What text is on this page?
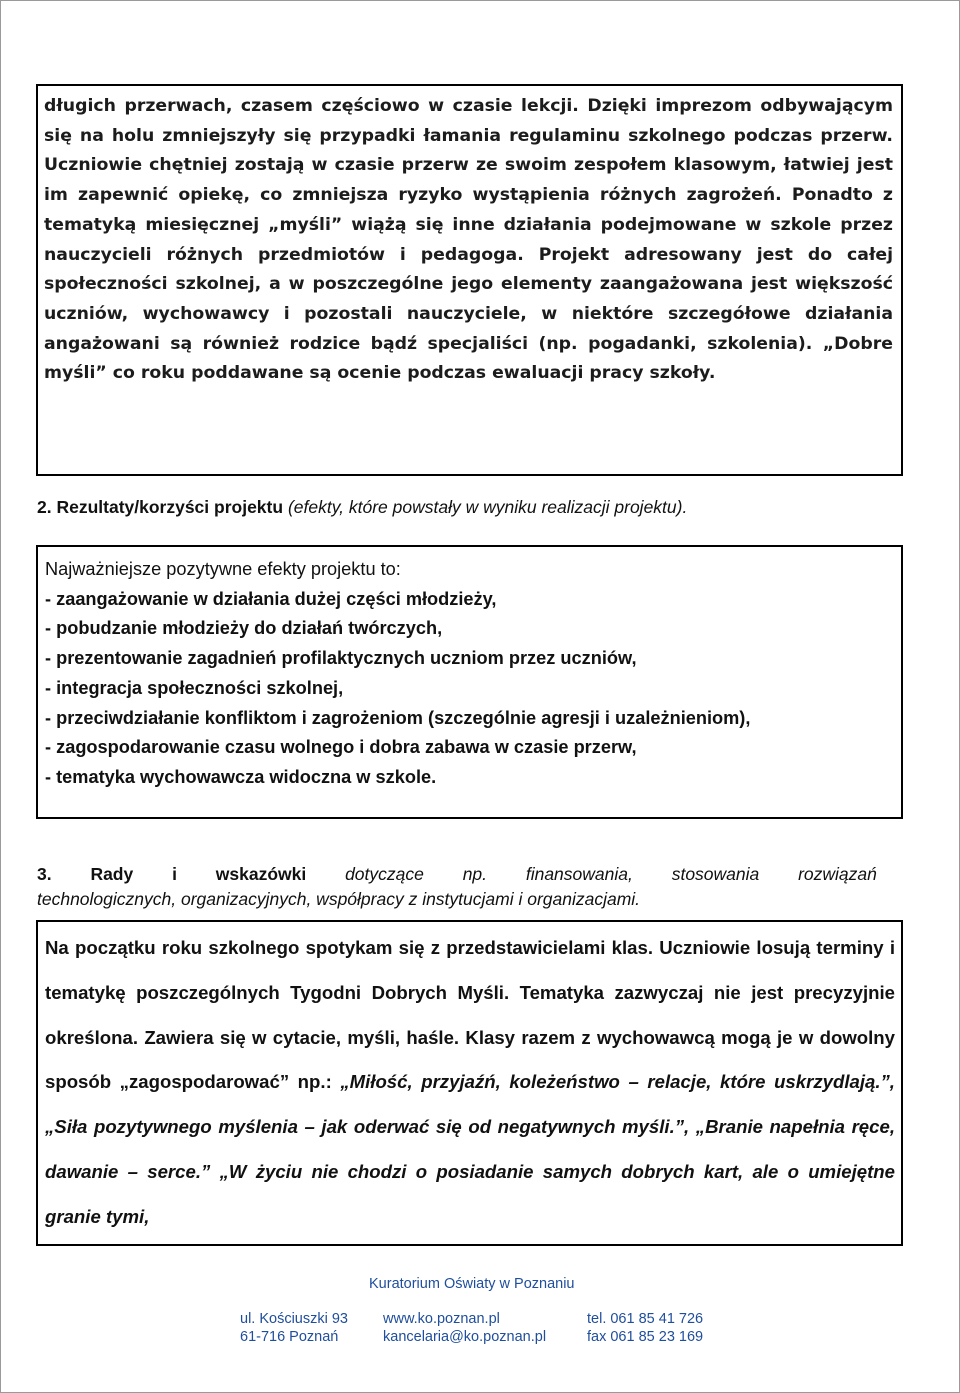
długich przerwach, czasem częściowo w czasie lekcji. Dzięki imprezom odbywającym się na holu zmniejszyły się przypadki łamania regulaminu szkolnego podczas przerw. Uczniowie chętniej zostają w czasie przerw ze swoim zespołem klasowym, łatwiej jest im zapewnić opiekę, co zmniejsza ryzyko wystąpienia różnych zagrożeń. Ponadto z tematyką miesięcznej „myśli” wiążą się inne działania podejmowane w szkole przez nauczycieli różnych przedmiotów i pedagoga. Projekt adresowany jest do całej społeczności szkolnej, a w poszczególne jego elementy zaangażowana jest większość uczniów, wychowawcy i pozostali nauczyciele, w niektóre szczegółowe działania angażowani są również rodzice bądź specjaliści (np. pogadanki, szkolenia). „Dobre myśli” co roku poddawane są ocenie podczas ewaluacji pracy szkoły.

2. Rezultaty/korzyści projektu (efekty, które powstały w wyniku realizacji projektu).
Najważniejsze pozytywne efekty projektu to:
- zaangażowanie w działania dużej części młodzieży,
- pobudzanie młodzieży do działań twórczych,
- prezentowanie zagadnień profilaktycznych uczniom przez uczniów,
- integracja społeczności szkolnej,
- przeciwdziałanie konfliktom i zagrożeniom (szczególnie agresji i uzależnieniom),
- zagospodarowanie czasu wolnego i dobra zabawa w czasie przerw,
- tematyka wychowawcza widoczna w szkole.
3. Rady i wskazówki dotyczące np. finansowania, stosowania rozwiązań
technologicznych, organizacyjnych, współpracy z instytucjami i organizacjami.

Na początku roku szkolnego spotykam się z przedstawicielami klas. Uczniowie losują terminy i tematykę poszczególnych Tygodni Dobrych Myśli. Tematyka zazwyczaj nie jest precyzyjnie określona. Zawiera się w cytacie, myśli, haśle. Klasy razem z wychowawcą mogą je w dowolny sposób „zagospodarować” np.: „Miłość, przyjaźń, koleżeństwo – relacje, które uskrzydlają.”, „Siła pozytywnego myślenia – jak oderwać się od negatywnych myśli.”, „Branie napełnia ręce, dawanie – serce.” „W życiu nie chodzi o posiadanie samych dobrych kart, ale o umiejętne granie tymi,

Kuratorium Oświaty w Poznaniu
ul. Kościuszki 93
61-716 Poznań
www.ko.poznan.pl
kancelaria@ko.poznan.pl
tel. 061 85 41 726
fax 061 85 23 169
